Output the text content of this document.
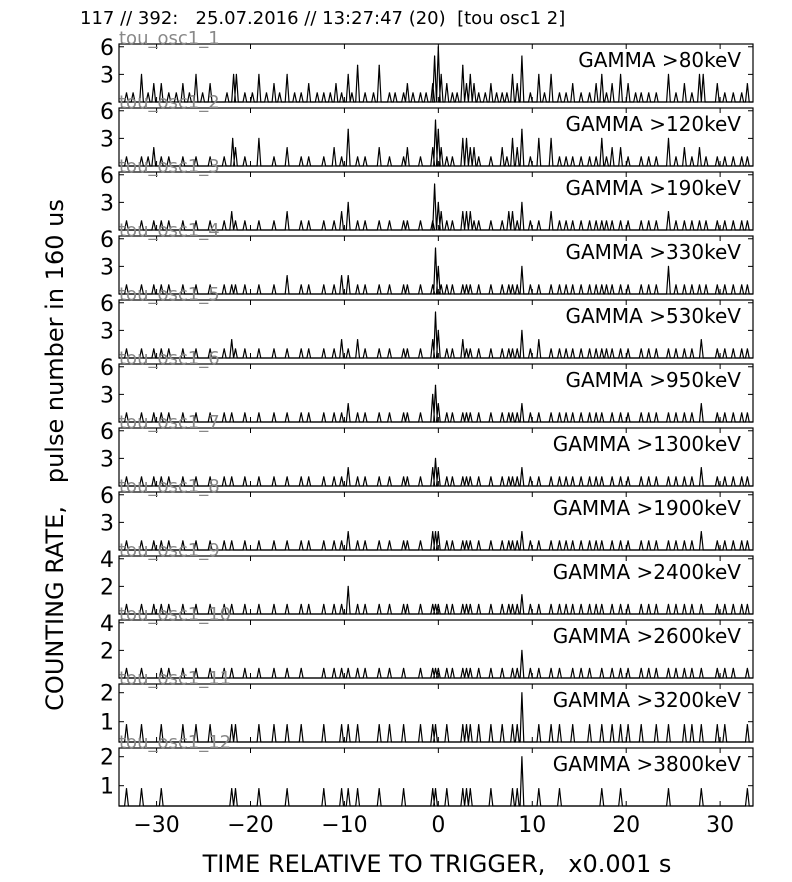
117 // 392:   25.07.2016 // 13:27:47 (20)  [tou osc1 2]
COUNTING RATE,   pulse number in 160 us
TIME RELATIVE TO TRIGGER,   x0.001 s
3
6	GAMMA >80keV
tou_osc1_1
3
6	GAMMA >120keV
tou_osc1_2
3
6	GAMMA >190keV
tou_osc1_3
3
6	GAMMA >330keV
tou_osc1_4
3
6	GAMMA >530keV
tou_osc1_5
3
6	GAMMA >950keV
tou_osc1_6
3
6	GAMMA >1300keV
tou_osc1_7
3
6	GAMMA >1900keV
tou_osc1_8
2
4	GAMMA >2400keV
tou_osc1_9
2
4	GAMMA >2600keV
tou_osc1_10
1
2	GAMMA >3200keV
tou_osc1_11
1
2	GAMMA >3800keV
tou_osc1_12
−30 −20 −10	0	10	20	30
